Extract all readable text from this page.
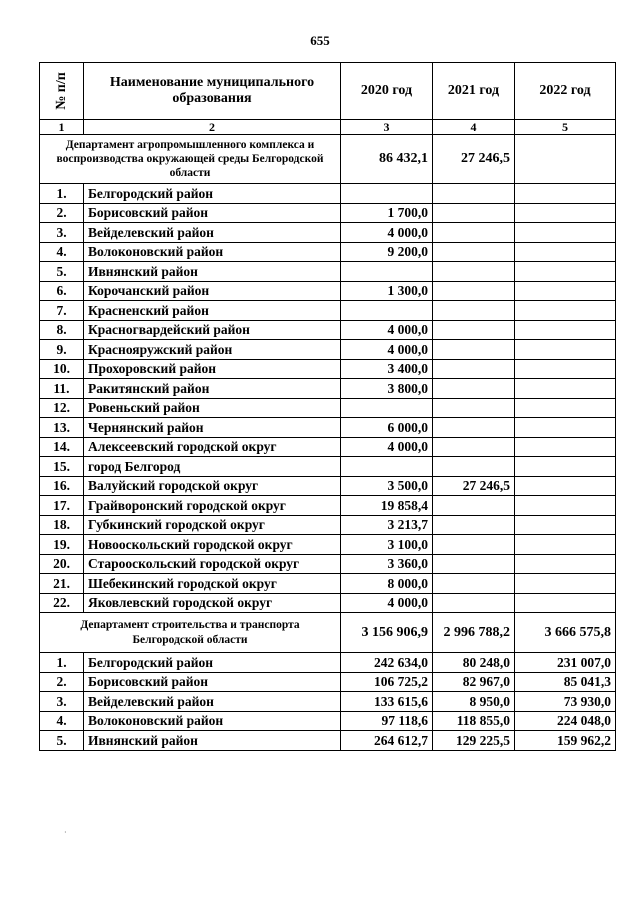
655
№ п/п	Наименование муниципального образования	2020 год	2021 год	2022 год
1	2	3	4	5
Департамент агропромышленного комплекса и воспроизводства окружающей среды Белгородской области		86 432,1	27 246,5	
1.	Белгородский район			
2.	Борисовский район	1 700,0		
3.	Вейделевский район	4 000,0		
4.	Волоконовский район	9 200,0		
5.	Ивнянский район			
6.	Корочанский район	1 300,0		
7.	Красненский район			
8.	Красногвардейский район	4 000,0		
9.	Краснояружский район	4 000,0		
10.	Прохоровский район	3 400,0		
11.	Ракитянский район	3 800,0		
12.	Ровеньский район			
13.	Чернянский район	6 000,0		
14.	Алексеевский городской округ	4 000,0		
15.	город Белгород			
16.	Валуйский городской округ	3 500,0	27 246,5	
17.	Грайворонский городской округ	19 858,4		
18.	Губкинский городской округ	3 213,7		
19.	Новооскольский городской округ	3 100,0		
20.	Старооскольский городской округ	3 360,0		
21.	Шебекинский городской округ	8 000,0		
22.	Яковлевский городской округ	4 000,0		
Департамент строительства и транспорта Белгородской области		3 156 906,9	2 996 788,2	3 666 575,8
1.	Белгородский район	242 634,0	80 248,0	231 007,0
2.	Борисовский район	106 725,2	82 967,0	85 041,3
3.	Вейделевский район	133 615,6	8 950,0	73 930,0
4.	Волоконовский район	97 118,6	118 855,0	224 048,0
5.	Ивнянский район	264 612,7	129 225,5	159 962,2
·
